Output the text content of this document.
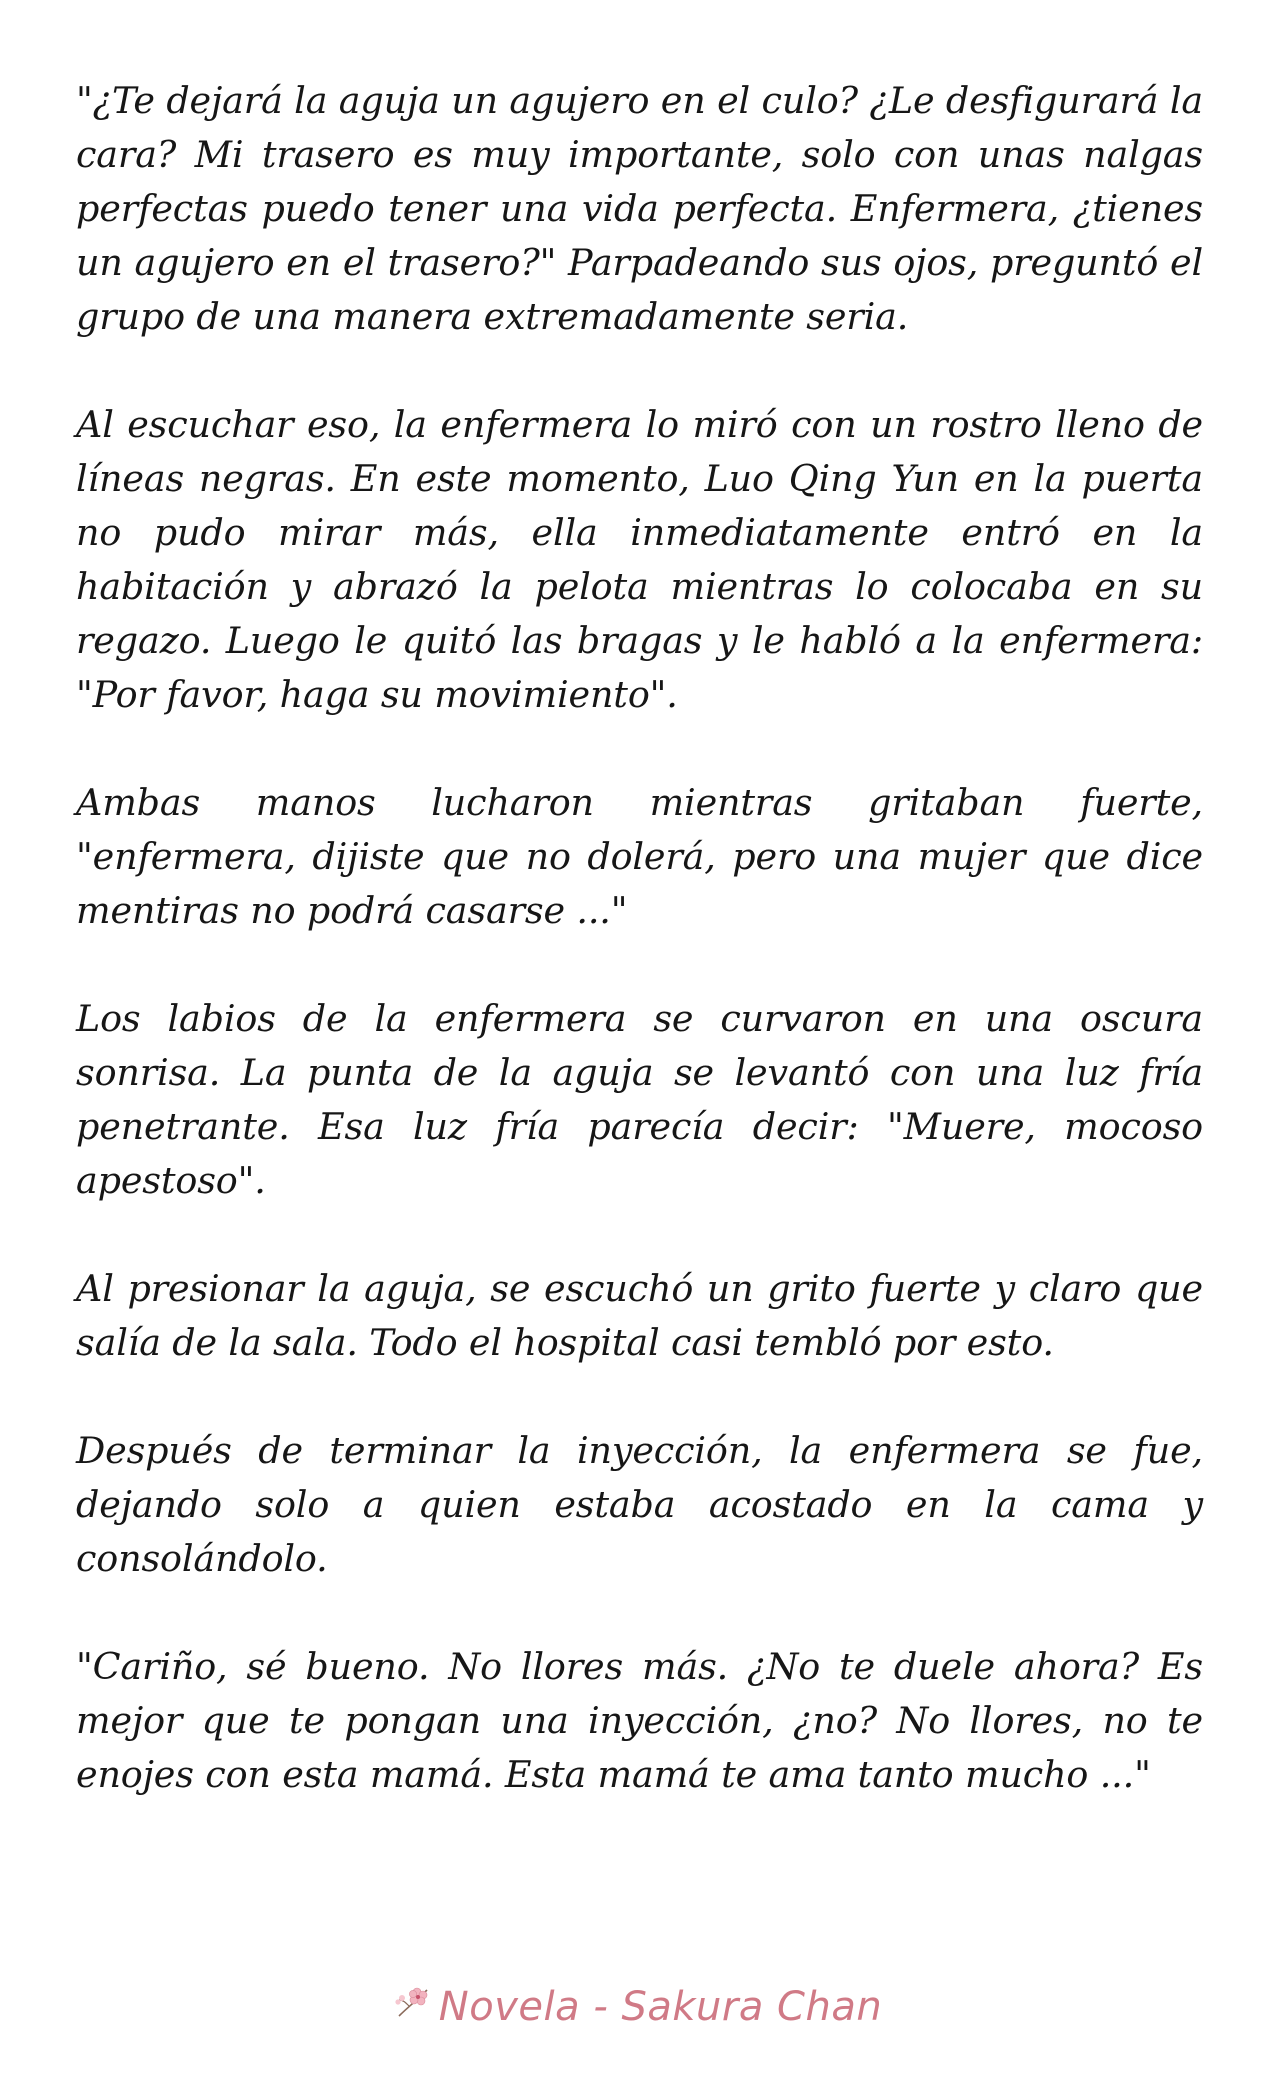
"¿Te dejará la aguja un agujero en el culo? ¿Le desfigurará la cara? Mi trasero es muy importante, solo con unas nalgas perfectas puedo tener una vida perfecta. Enfermera, ¿tienes un agujero en el trasero?" Parpadeando sus ojos, preguntó el grupo de una manera extremadamente seria.

Al escuchar eso, la enfermera lo miró con un rostro lleno de líneas negras. En este momento, Luo Qing Yun en la puerta no pudo mirar más, ella inmediatamente entró en la habitación y abrazó la pelota mientras lo colocaba en su regazo. Luego le quitó las bragas y le habló a la enfermera: "Por favor, haga su movimiento".

Ambas manos lucharon mientras gritaban fuerte, "enfermera, dijiste que no dolerá, pero una mujer que dice mentiras no podrá casarse ..."

Los labios de la enfermera se curvaron en una oscura sonrisa. La punta de la aguja se levantó con una luz fría penetrante. Esa luz fría parecía decir: "Muere, mocoso apestoso".

Al presionar la aguja, se escuchó un grito fuerte y claro que salía de la sala. Todo el hospital casi tembló por esto.

Después de terminar la inyección, la enfermera se fue, dejando solo a quien estaba acostado en la cama y consolándolo.

"Cariño, sé bueno. No llores más. ¿No te duele ahora? Es mejor que te pongan una inyección, ¿no? No llores, no te enojes con esta mamá. Esta mamá te ama tanto mucho ..."

Novela - Sakura Chan
